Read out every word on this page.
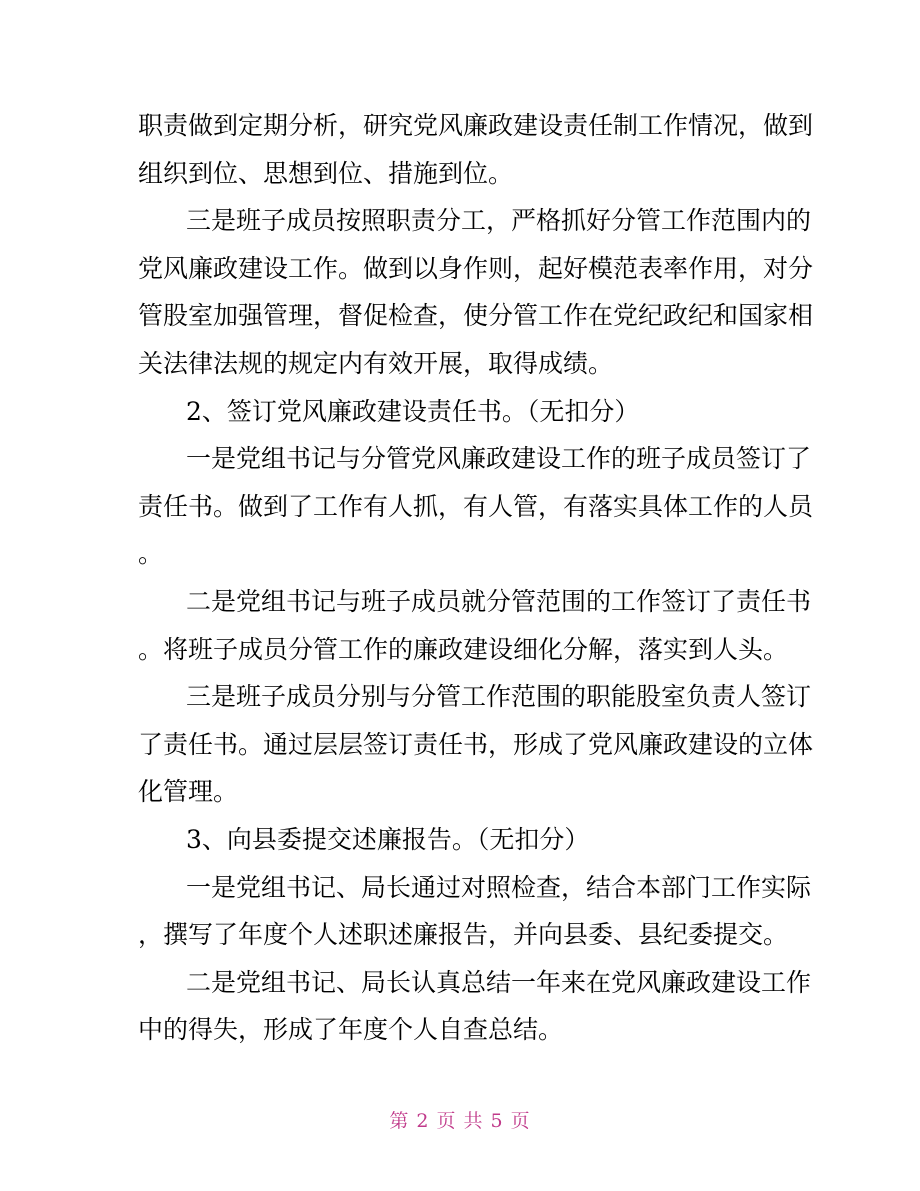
职责做到定期分析，研究党风廉政建设责任制工作情况，做到
组织到位、思想到位、措施到位。
三是班子成员按照职责分工，严格抓好分管工作范围内的
党风廉政建设工作。做到以身作则，起好模范表率作用，对分
管股室加强管理，督促检查，使分管工作在党纪政纪和国家相
关法律法规的规定内有效开展，取得成绩。
2、签订党风廉政建设责任书。（无扣分）
一是党组书记与分管党风廉政建设工作的班子成员签订了
责任书。做到了工作有人抓，有人管，有落实具体工作的人员
。
二是党组书记与班子成员就分管范围的工作签订了责任书
。将班子成员分管工作的廉政建设细化分解，落实到人头。
三是班子成员分别与分管工作范围的职能股室负责人签订
了责任书。通过层层签订责任书，形成了党风廉政建设的立体
化管理。
3、向县委提交述廉报告。（无扣分）
一是党组书记、局长通过对照检查，结合本部门工作实际
，撰写了年度个人述职述廉报告，并向县委、县纪委提交。
二是党组书记、局长认真总结一年来在党风廉政建设工作
中的得失，形成了年度个人自查总结。
第 2 页 共 5 页
